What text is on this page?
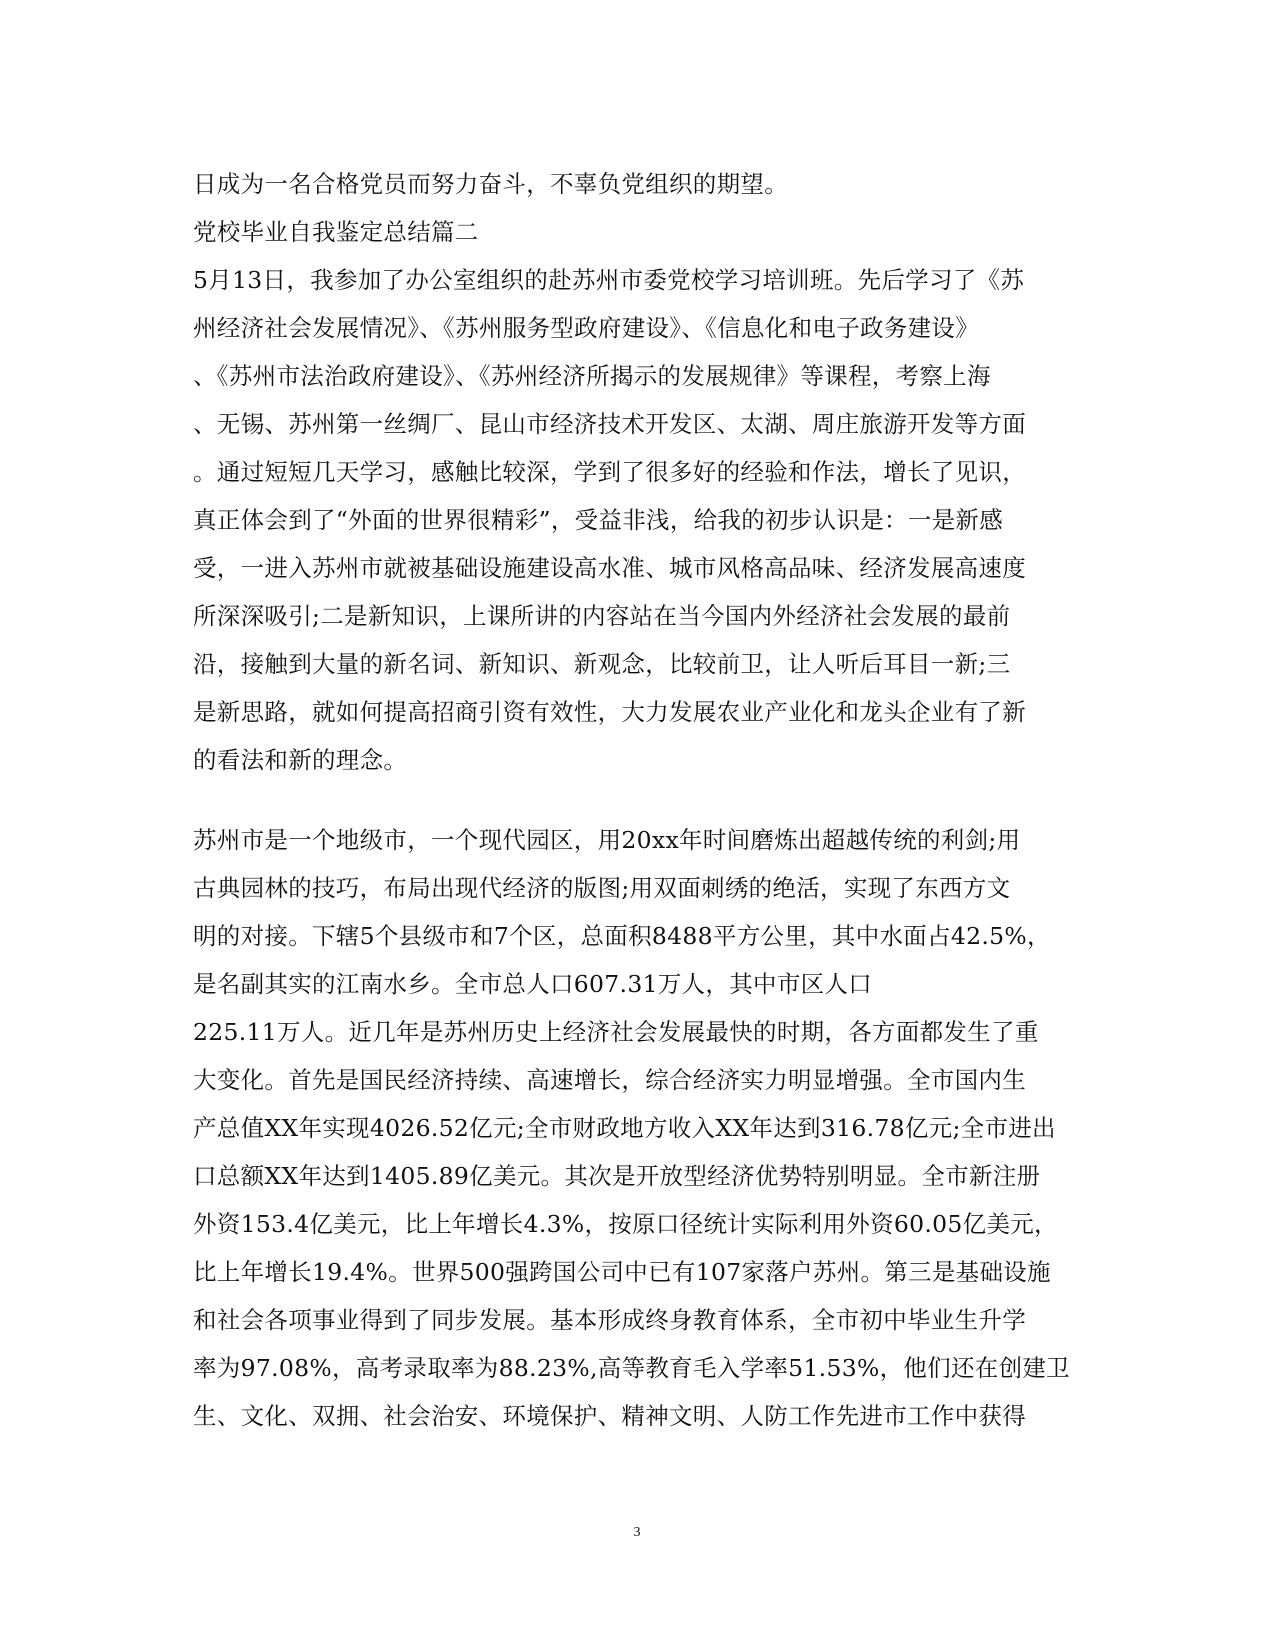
日成为一名合格党员而努力奋斗，不辜负党组织的期望。
党校毕业自我鉴定总结篇二
5月13日，我参加了办公室组织的赴苏州市委党校学习培训班。先后学习了《苏
州经济社会发展情况》、《苏州服务型政府建设》、《信息化和电子政务建设》
、《苏州市法治政府建设》、《苏州经济所揭示的发展规律》等课程，考察上海
、无锡、苏州第一丝绸厂、昆山市经济技术开发区、太湖、周庄旅游开发等方面
。通过短短几天学习，感触比较深，学到了很多好的经验和作法，增长了见识，
真正体会到了“外面的世界很精彩”，受益非浅，给我的初步认识是：一是新感
受，一进入苏州市就被基础设施建设高水准、城市风格高品味、经济发展高速度
所深深吸引;二是新知识，上课所讲的内容站在当今国内外经济社会发展的最前
沿，接触到大量的新名词、新知识、新观念，比较前卫，让人听后耳目一新;三
是新思路，就如何提高招商引资有效性，大力发展农业产业化和龙头企业有了新
的看法和新的理念。
苏州市是一个地级市，一个现代园区，用20xx年时间磨炼出超越传统的利剑;用
古典园林的技巧，布局出现代经济的版图;用双面刺绣的绝活，实现了东西方文
明的对接。下辖5个县级市和7个区，总面积8488平方公里，其中水面占42.5%，
是名副其实的江南水乡。全市总人口607.31万人，其中市区人口
225.11万人。近几年是苏州历史上经济社会发展最快的时期，各方面都发生了重
大变化。首先是国民经济持续、高速增长，综合经济实力明显增强。全市国内生
产总值XX年实现4026.52亿元;全市财政地方收入XX年达到316.78亿元;全市进出
口总额XX年达到1405.89亿美元。其次是开放型经济优势特别明显。全市新注册
外资153.4亿美元，比上年增长4.3%，按原口径统计实际利用外资60.05亿美元，
比上年增长19.4%。世界500强跨国公司中已有107家落户苏州。第三是基础设施
和社会各项事业得到了同步发展。基本形成终身教育体系，全市初中毕业生升学
率为97.08%，高考录取率为88.23%,高等教育毛入学率51.53%，他们还在创建卫
生、文化、双拥、社会治安、环境保护、精神文明、人防工作先进市工作中获得
3
